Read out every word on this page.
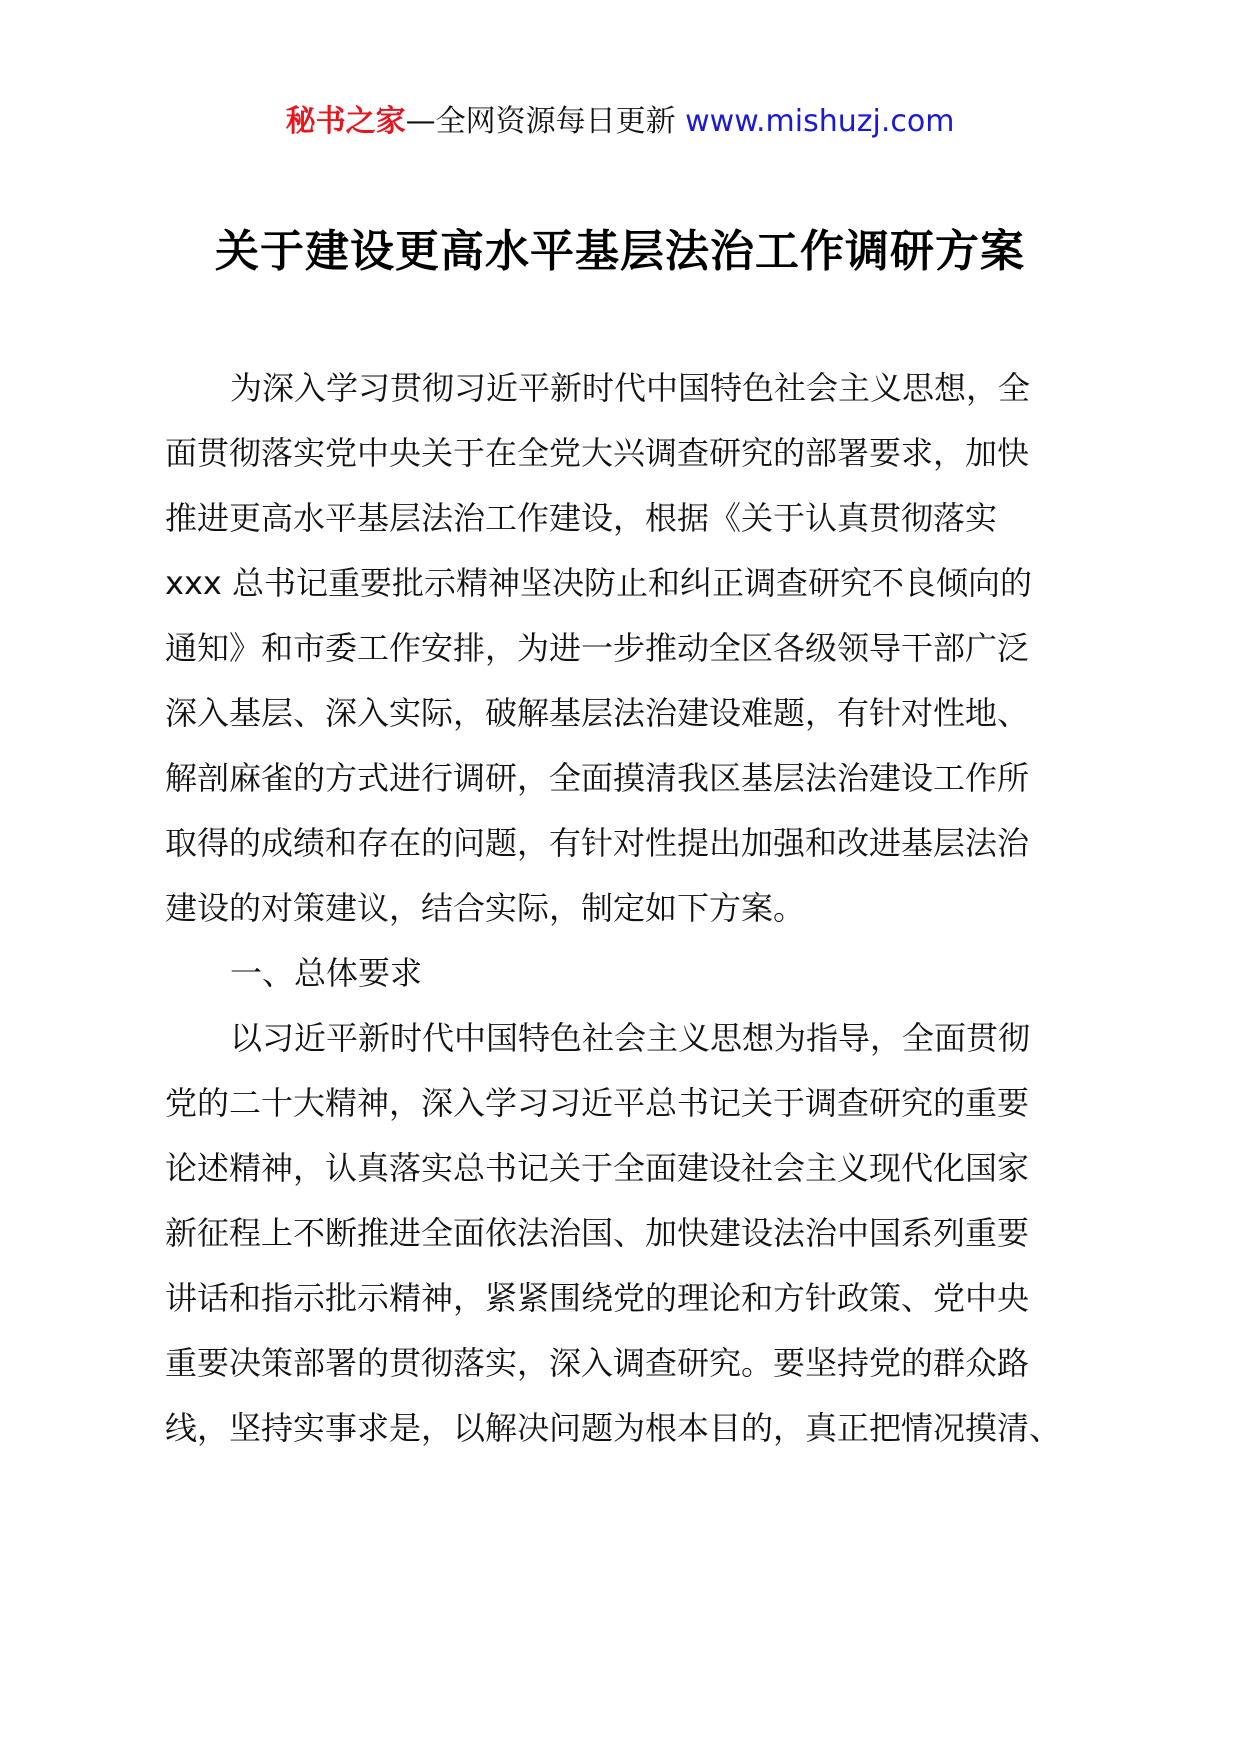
秘书之家—全网资源每日更新 www.mishuzj.com
关于建设更高水平基层法治工作调研方案
为深入学习贯彻习近平新时代中国特色社会主义思想，全
面贯彻落实党中央关于在全党大兴调查研究的部署要求，加快
推进更高水平基层法治工作建设，根据《关于认真贯彻落实
xxx 总书记重要批示精神坚决防止和纠正调查研究不良倾向的
通知》和市委工作安排，为进一步推动全区各级领导干部广泛
深入基层、深入实际，破解基层法治建设难题，有针对性地、
解剖麻雀的方式进行调研，全面摸清我区基层法治建设工作所
取得的成绩和存在的问题，有针对性提出加强和改进基层法治
建设的对策建议，结合实际，制定如下方案。
一、总体要求
以习近平新时代中国特色社会主义思想为指导，全面贯彻
党的二十大精神，深入学习习近平总书记关于调查研究的重要
论述精神，认真落实总书记关于全面建设社会主义现代化国家
新征程上不断推进全面依法治国、加快建设法治中国系列重要
讲话和指示批示精神，紧紧围绕党的理论和方针政策、党中央
重要决策部署的贯彻落实，深入调查研究。要坚持党的群众路
线，坚持实事求是，以解决问题为根本目的，真正把情况摸清、
